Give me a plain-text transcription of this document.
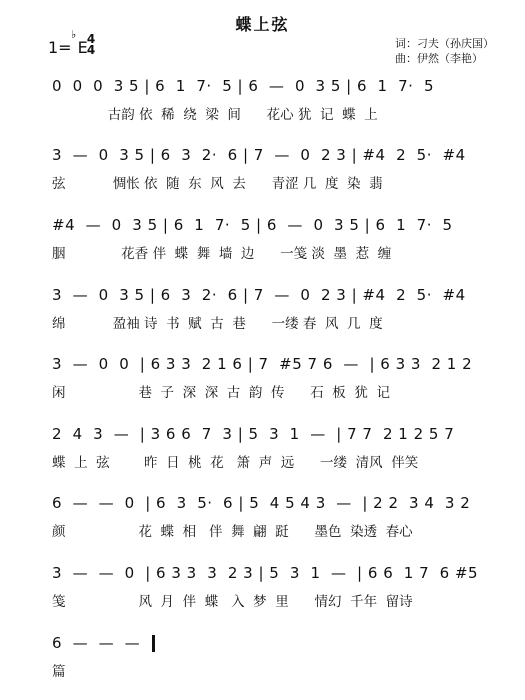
蝶上弦
1=
♭
E 4
4	词：刁夫（孙庆国）
曲：伊然（李艳）
0  0  0  3 5 | 6  1  7·  5 | 6  —  0  3 5 | 6  1  7·  5
古韵 依  稀  绕  梁  间      花心 犹  记  蝶  上
3  —  0  3 5 | 6  3  2·  6 | 7  —  0  2 3 | #4  2  5·  #4
弦           惆怅 依  随  东  风  去      青涩 几  度  染  翡
#4  —  0  3 5 | 6  1  7·  5 | 6  —  0  3 5 | 6  1  7·  5
胭             花香 伴  蝶  舞  墙  边      一笺 淡  墨  惹  缠
3  —  0  3 5 | 6  3  2·  6 | 7  —  0  2 3 | #4  2  5·  #4
绵           盈袖 诗  书  赋  古  巷      一缕 春  风  几  度
3  —  0  0  | 6 3 3  2 1 6 | 7  #5 7 6  —  | 6 3 3  2 1 2
闲                 巷  子  深  深  古  韵  传      石  板  犹  记
2  4  3  —  | 3 6 6  7  3 | 5  3  1  —  | 7 7  2 1 2 5 7
蝶  上  弦        昨  日  桃  花   箫  声  远      一缕  清风  伴笑
6  —  —  0  | 6  3  5·  6 | 5  4 5 4 3  —  | 2 2  3 4  3 2
颜                 花  蝶  相   伴  舞  翩  跹      墨色  染透  春心
3  —  —  0  | 6 3 3  3  2 3 | 5  3  1  —  | 6 6  1 7  6 #5
笺                 风  月  伴  蝶   入  梦  里      情幻  千年  留诗
6  —  —  —
篇
